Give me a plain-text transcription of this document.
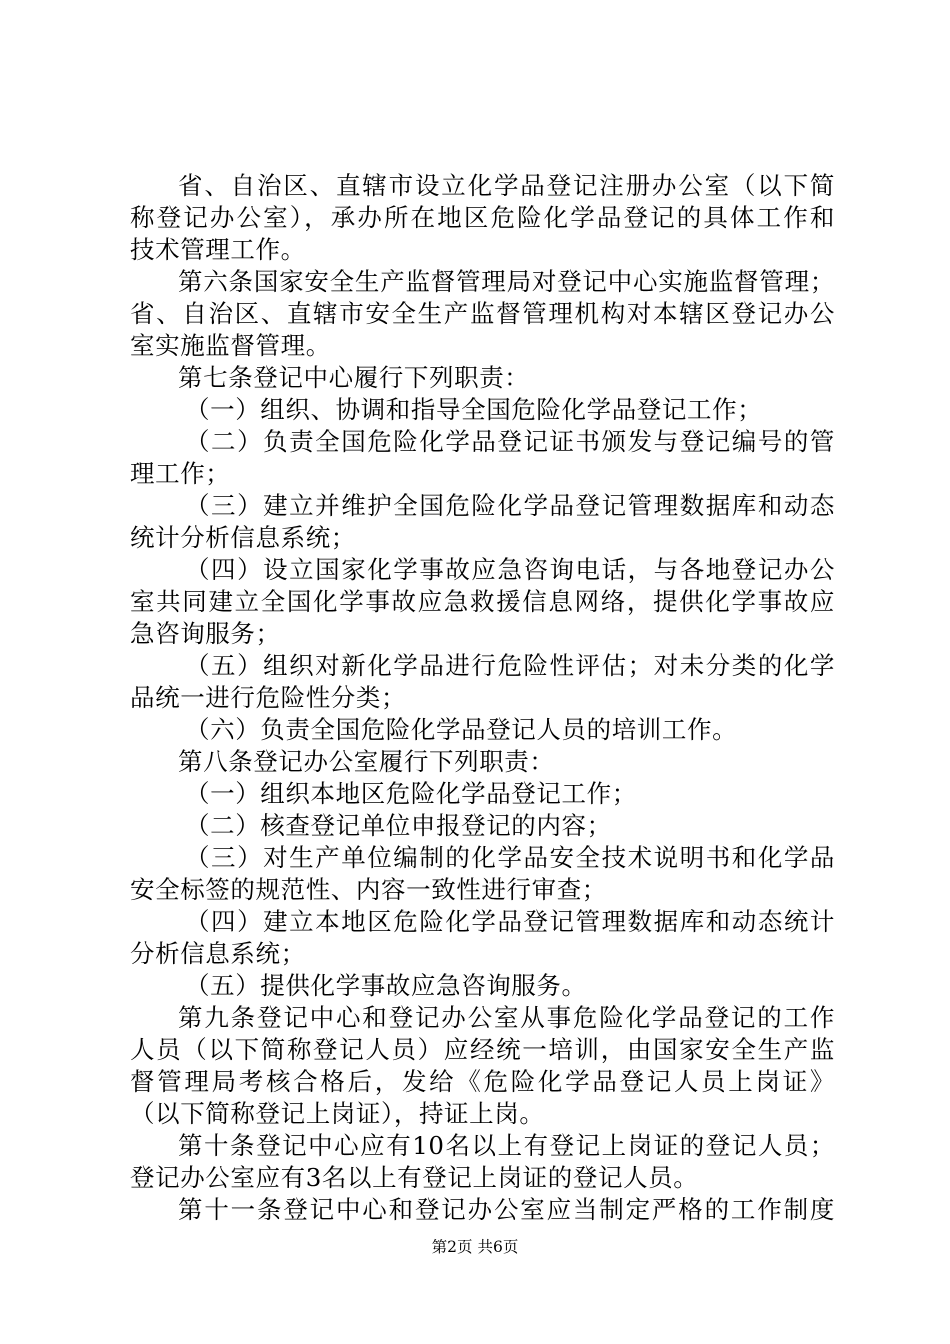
省、自治区、直辖市设立化学品登记注册办公室（以下简
称登记办公室），承办所在地区危险化学品登记的具体工作和
技术管理工作。
第六条国家安全生产监督管理局对登记中心实施监督管理；
省、自治区、直辖市安全生产监督管理机构对本辖区登记办公
室实施监督管理。
第七条登记中心履行下列职责：
（一）组织、协调和指导全国危险化学品登记工作；
（二）负责全国危险化学品登记证书颁发与登记编号的管
理工作；
（三）建立并维护全国危险化学品登记管理数据库和动态
统计分析信息系统；
（四）设立国家化学事故应急咨询电话，与各地登记办公
室共同建立全国化学事故应急救援信息网络，提供化学事故应
急咨询服务；
（五）组织对新化学品进行危险性评估；对未分类的化学
品统一进行危险性分类；
（六）负责全国危险化学品登记人员的培训工作。
第八条登记办公室履行下列职责：
（一）组织本地区危险化学品登记工作；
（二）核查登记单位申报登记的内容；
（三）对生产单位编制的化学品安全技术说明书和化学品
安全标签的规范性、内容一致性进行审查；
（四）建立本地区危险化学品登记管理数据库和动态统计
分析信息系统；
（五）提供化学事故应急咨询服务。
第九条登记中心和登记办公室从事危险化学品登记的工作
人员（以下简称登记人员）应经统一培训，由国家安全生产监
督管理局考核合格后，发给《危险化学品登记人员上岗证》
（以下简称登记上岗证），持证上岗。
第十条登记中心应有10名以上有登记上岗证的登记人员；
登记办公室应有3名以上有登记上岗证的登记人员。
第十一条登记中心和登记办公室应当制定严格的工作制度
第2页 共6页
